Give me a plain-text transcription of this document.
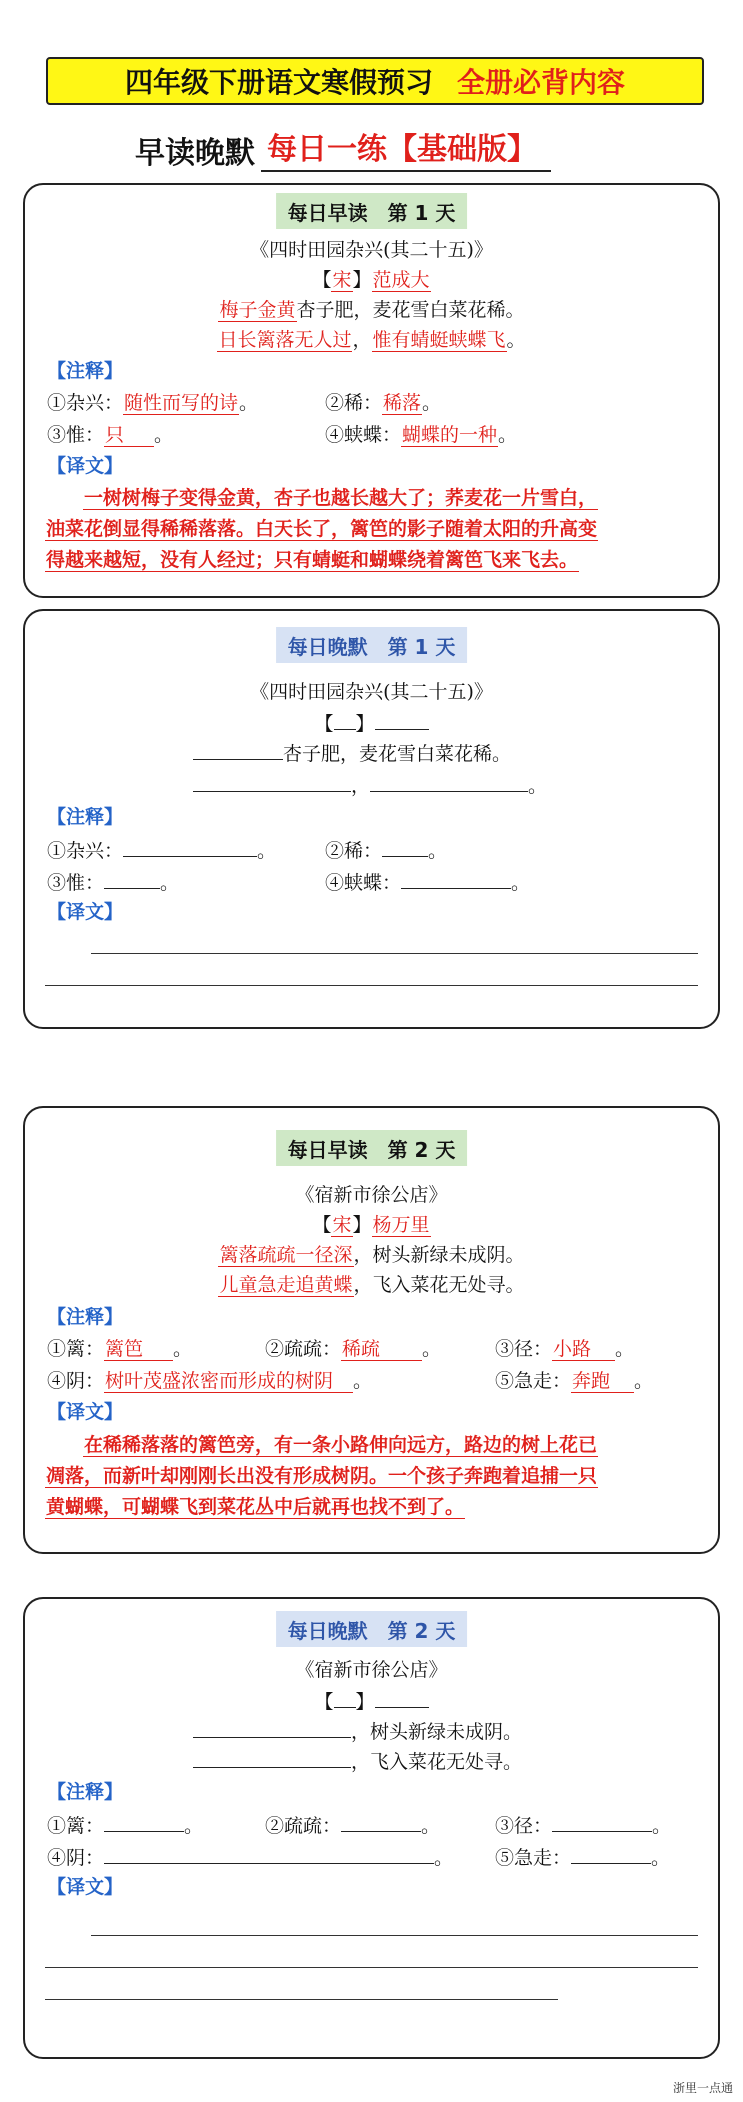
四年级下册语文寒假预习 全册必背内容
早读晚默 每日一练【基础版】
每日早读　第 1 天
《四时田园杂兴(其二十五)》
【宋】范成大
梅子金黄杏子肥，麦花雪白菜花稀。
日长篱落无人过，惟有蜻蜓蛱蝶飞。
【注释】
①杂兴：随性而写的诗。	②稀：稀落。
③惟：只 。	④蛱蝶：蝴蝶的一种。
【译文】
一树树梅子变得金黄，杏子也越长越大了；荞麦花一片雪白，
油菜花倒显得稀稀落落。白天长了，篱笆的影子随着太阳的升高变
得越来越短，没有人经过；只有蜻蜓和蝴蝶绕着篱笆飞来飞去。
每日晚默　第 1 天
《四时田园杂兴(其二十五)》
【 】
杏子肥，麦花雪白菜花稀。
，	。
【注释】
①杂兴：	。	②稀： 。
③惟：	。	④蛱蝶：	。
【译文】
每日早读　第 2 天
《宿新市徐公店》
【宋】杨万里
篱落疏疏一径深，树头新绿未成阴。
儿童急走追黄蝶，飞入菜花无处寻。
【注释】
①篱：篱笆 。	②疏疏：稀疏 。	③径：小路 。
④阴：树叶茂盛浓密而形成的树阴 。	⑤急走：奔跑 。
【译文】
在稀稀落落的篱笆旁，有一条小路伸向远方，路边的树上花已
凋落，而新叶却刚刚长出没有形成树阴。一个孩子奔跑着追捕一只
黄蝴蝶，可蝴蝶飞到菜花丛中后就再也找不到了。
每日晚默　第 2 天
《宿新市徐公店》
【 】
，树头新绿未成阴。
，飞入菜花无处寻。
【注释】
①篱：	。	②疏疏：	。	③径：	。
④阴：	。 ⑤急走：	。
【译文】
浙里一点通
